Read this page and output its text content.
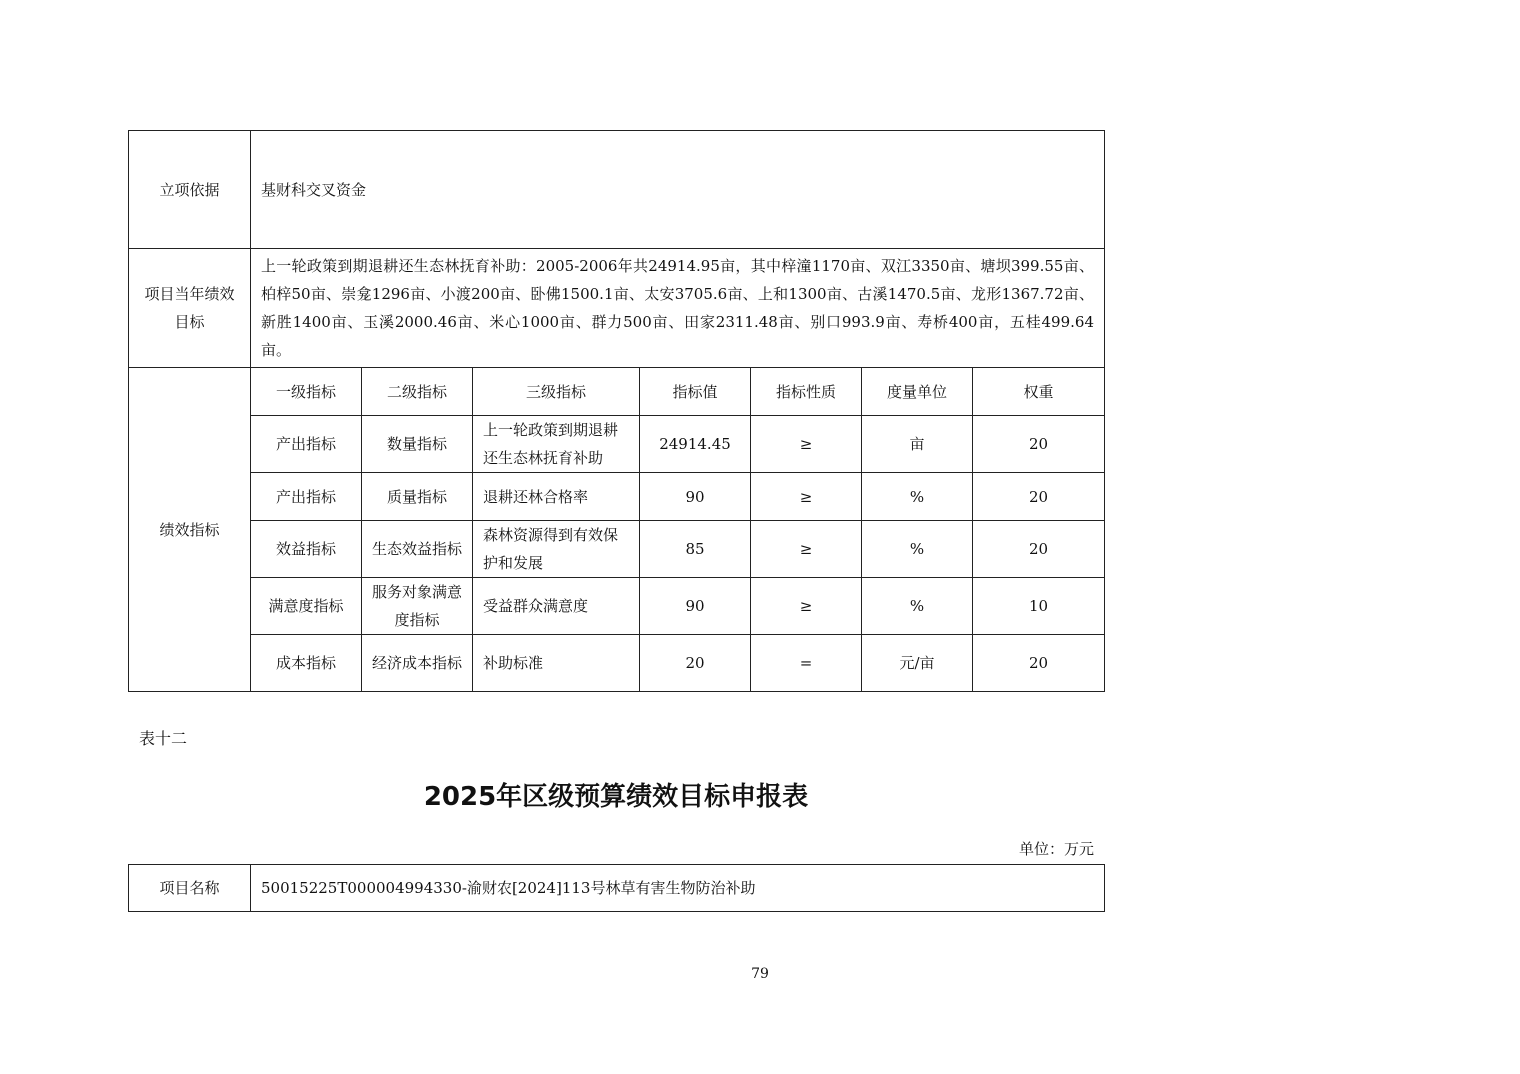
立项依据	基财科交叉资金						
项目当年绩效目标	上一轮政策到期退耕还生态林抚育补助：2005-2006年共24914.95亩，其中梓潼1170亩、双江3350亩、塘坝399.55亩、柏梓50亩、崇龛1296亩、小渡200亩、卧佛1500.1亩、太安3705.6亩、上和1300亩、古溪1470.5亩、龙形1367.72亩、新胜1400亩、玉溪2000.46亩、米心1000亩、群力500亩、田家2311.48亩、别口993.9亩、寿桥400亩，五桂499.64亩。						
绩效指标	一级指标	二级指标	三级指标	指标值	指标性质	度量单位	权重
	产出指标	数量指标	上一轮政策到期退耕还生态林抚育补助	24914.45	≥	亩	20
	产出指标	质量指标	退耕还林合格率	90	≥	%	20
	效益指标	生态效益指标	森林资源得到有效保护和发展	85	≥	%	20
	满意度指标	服务对象满意度指标	受益群众满意度	90	≥	%	10
	成本指标	经济成本指标	补助标准	20	=	元/亩	20
表十二
2025年区级预算绩效目标申报表
单位：万元
项目名称	50015225T000004994330-渝财农[2024]113号林草有害生物防治补助
79
